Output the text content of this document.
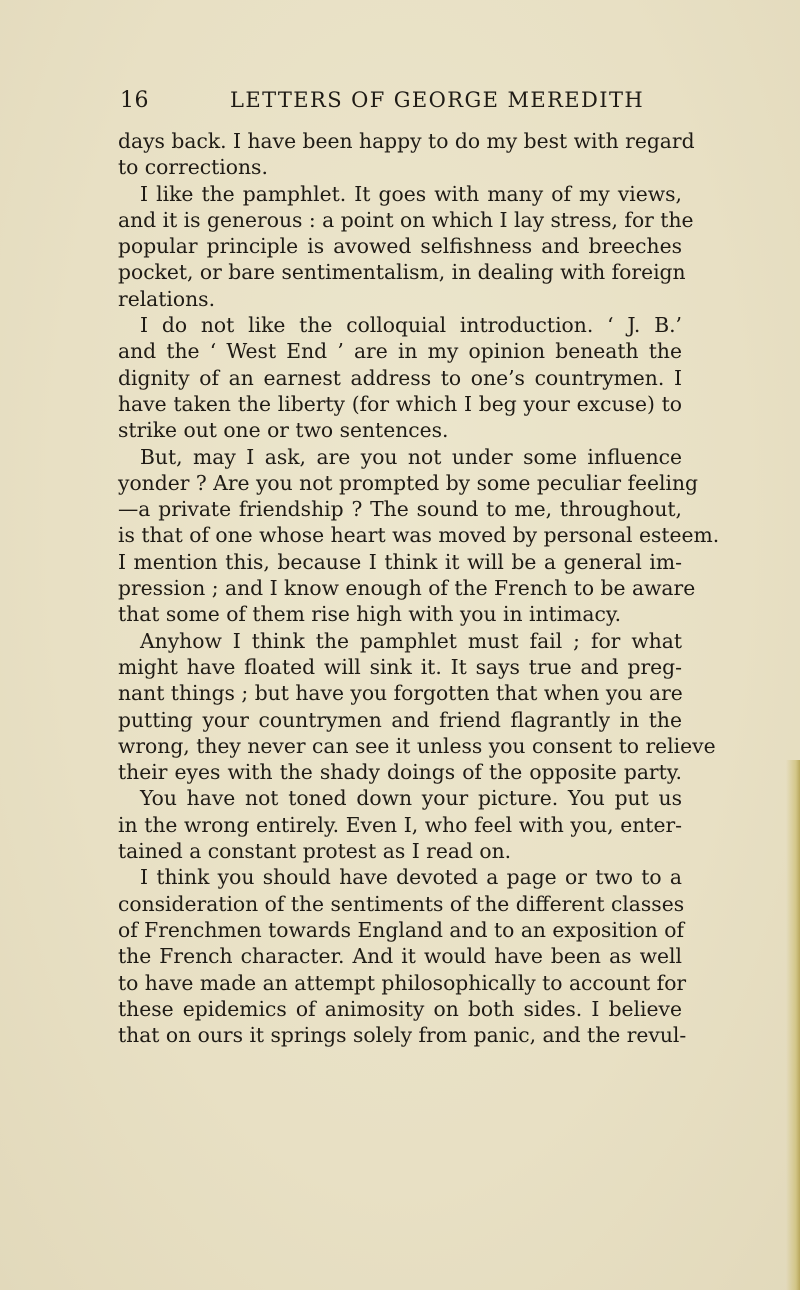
16	LETTERS OF GEORGE MEREDITH
days back. I have been happy to do my best with regard
to corrections.
I like the pamphlet. It goes with many of my views,
and it is generous : a point on which I lay stress, for the
popular principle is avowed selfishness and breeches
pocket, or bare sentimentalism, in dealing with foreign
relations.
I do not like the colloquial introduction. ‘ J. B.’
and the ‘ West End ’ are in my opinion beneath the
dignity of an earnest address to one’s countrymen. I
have taken the liberty (for which I beg your excuse) to
strike out one or two sentences.
But, may I ask, are you not under some influence
yonder ? Are you not prompted by some peculiar feeling
—a private friendship ? The sound to me, throughout,
is that of one whose heart was moved by personal esteem.
I mention this, because I think it will be a general im-
pression ; and I know enough of the French to be aware
that some of them rise high with you in intimacy.
Anyhow I think the pamphlet must fail ; for what
might have floated will sink it. It says true and preg-
nant things ; but have you forgotten that when you are
putting your countrymen and friend flagrantly in the
wrong, they never can see it unless you consent to relieve
their eyes with the shady doings of the opposite party.
You have not toned down your picture. You put us
in the wrong entirely. Even I, who feel with you, enter-
tained a constant protest as I read on.
I think you should have devoted a page or two to a
consideration of the sentiments of the different classes
of Frenchmen towards England and to an exposition of
the French character. And it would have been as well
to have made an attempt philosophically to account for
these epidemics of animosity on both sides. I believe
that on ours it springs solely from panic, and the revul-
